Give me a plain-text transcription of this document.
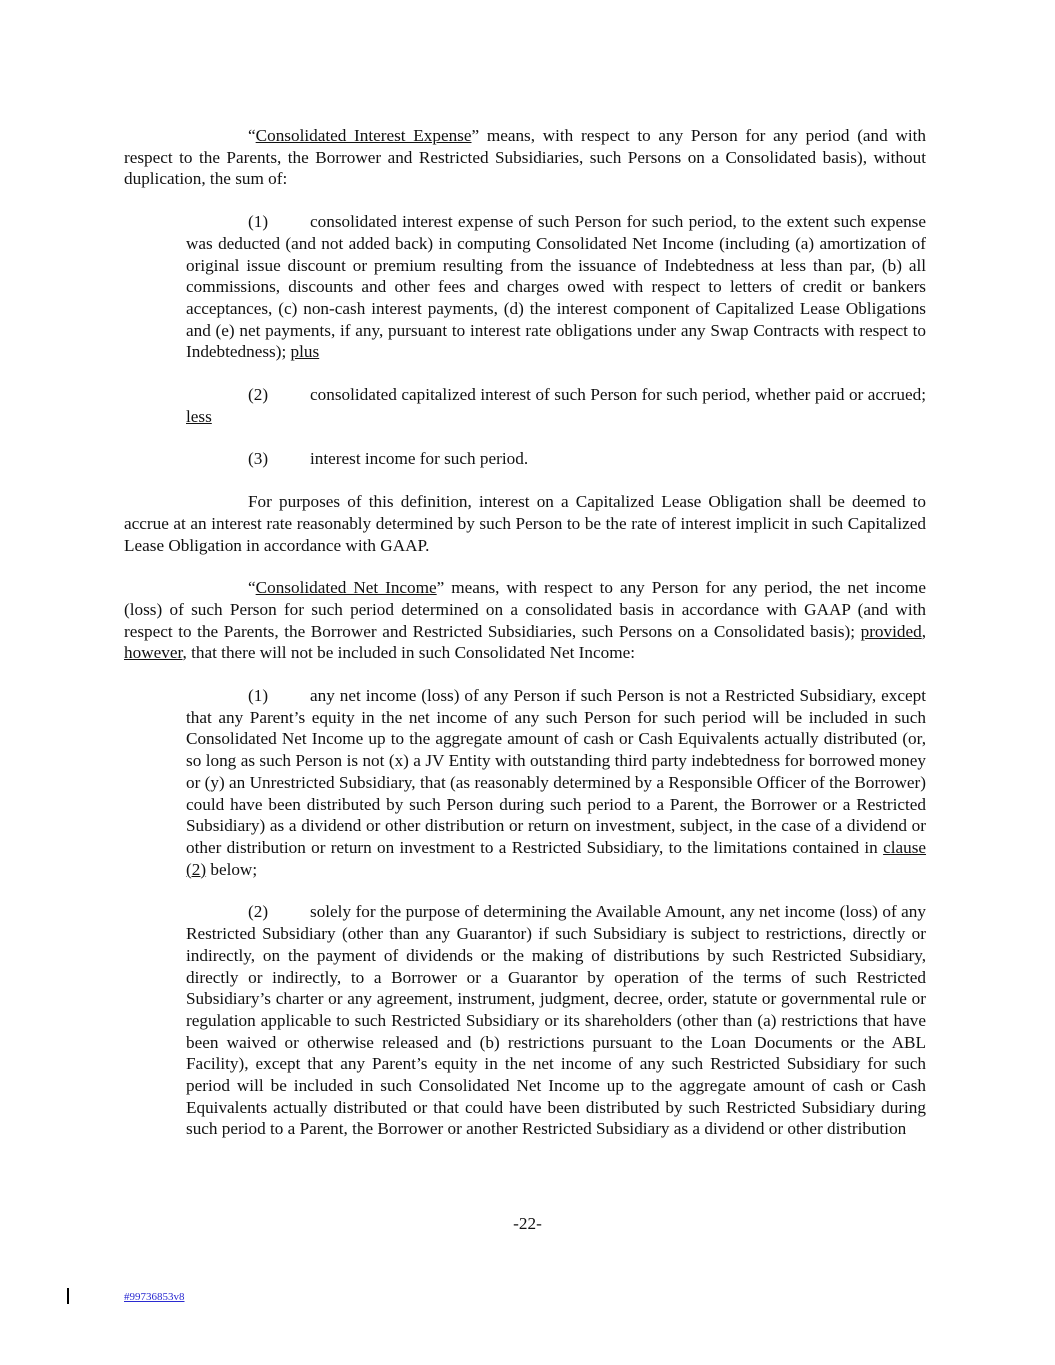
“Consolidated Interest Expense” means, with respect to any Person for any period (and with respect to the Parents, the Borrower and Restricted Subsidiaries, such Persons on a Consolidated basis), without duplication, the sum of:

(1) consolidated interest expense of such Person for such period, to the extent such expense was deducted (and not added back) in computing Consolidated Net Income (including (a) amortization of original issue discount or premium resulting from the issuance of Indebtedness at less than par, (b) all commissions, discounts and other fees and charges owed with respect to letters of credit or bankers acceptances, (c) non-cash interest payments, (d) the interest component of Capitalized Lease Obligations and (e) net payments, if any, pursuant to interest rate obligations under any Swap Contracts with respect to Indebtedness); plus

(2) consolidated capitalized interest of such Person for such period, whether paid or accrued; less

(3) interest income for such period.

For purposes of this definition, interest on a Capitalized Lease Obligation shall be deemed to accrue at an interest rate reasonably determined by such Person to be the rate of interest implicit in such Capitalized Lease Obligation in accordance with GAAP.

“Consolidated Net Income” means, with respect to any Person for any period, the net income (loss) of such Person for such period determined on a consolidated basis in accordance with GAAP (and with respect to the Parents, the Borrower and Restricted Subsidiaries, such Persons on a Consolidated basis); provided, however, that there will not be included in such Consolidated Net Income:

(1) any net income (loss) of any Person if such Person is not a Restricted Subsidiary, except that any Parent’s equity in the net income of any such Person for such period will be included in such Consolidated Net Income up to the aggregate amount of cash or Cash Equivalents actually distributed (or, so long as such Person is not (x) a JV Entity with outstanding third party indebtedness for borrowed money or (y) an Unrestricted Subsidiary, that (as reasonably determined by a Responsible Officer of the Borrower) could have been distributed by such Person during such period to a Parent, the Borrower or a Restricted Subsidiary) as a dividend or other distribution or return on investment, subject, in the case of a dividend or other distribution or return on investment to a Restricted Subsidiary, to the limitations contained in clause (2) below;

(2) solely for the purpose of determining the Available Amount, any net income (loss) of any Restricted Subsidiary (other than any Guarantor) if such Subsidiary is subject to restrictions, directly or indirectly, on the payment of dividends or the making of distributions by such Restricted Subsidiary, directly or indirectly, to a Borrower or a Guarantor by operation of the terms of such Restricted Subsidiary’s charter or any agreement, instrument, judgment, decree, order, statute or governmental rule or regulation applicable to such Restricted Subsidiary or its shareholders (other than (a) restrictions that have been waived or otherwise released and (b) restrictions pursuant to the Loan Documents or the ABL Facility), except that any Parent’s equity in the net income of any such Restricted Subsidiary for such period will be included in such Consolidated Net Income up to the aggregate amount of cash or Cash Equivalents actually distributed or that could have been distributed by such Restricted Subsidiary during such period to a Parent, the Borrower or another Restricted Subsidiary as a dividend or other distribution

-22-
#99736853v8
